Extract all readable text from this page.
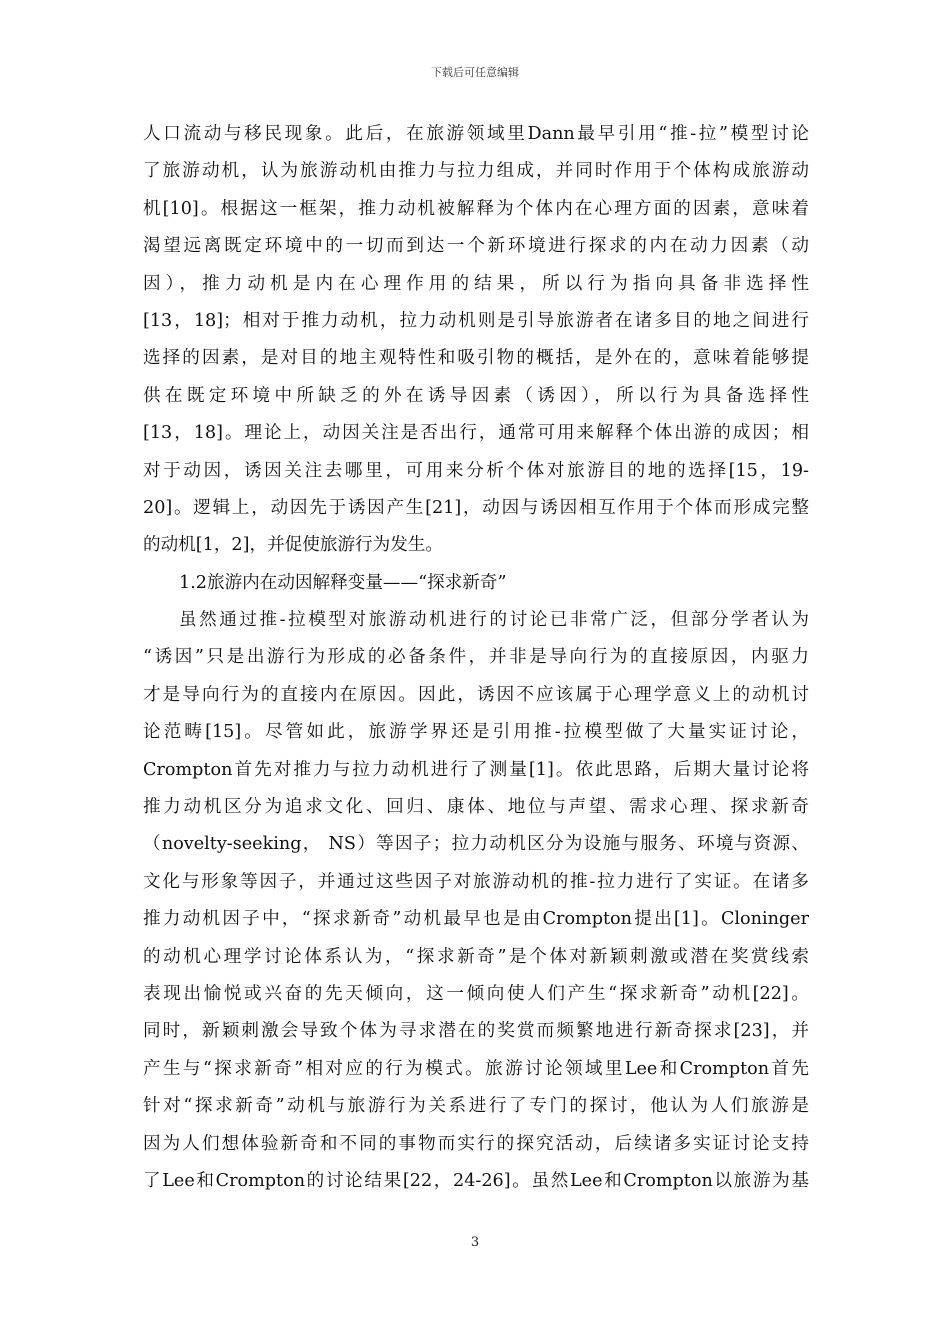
下载后可任意编辑
人口流动与移民现象。此后，在旅游领域里Dann最早引用“推-拉”模型讨论
了旅游动机，认为旅游动机由推力与拉力组成，并同时作用于个体构成旅游动
机[10]。根据这一框架，推力动机被解释为个体内在心理方面的因素，意味着
渴望远离既定环境中的一切而到达一个新环境进行探求的内在动力因素（动
因），推力动机是内在心理作用的结果，所以行为指向具备非选择性
[13，18]；相对于推力动机，拉力动机则是引导旅游者在诸多目的地之间进行
选择的因素，是对目的地主观特性和吸引物的概括，是外在的，意味着能够提
供在既定环境中所缺乏的外在诱导因素（诱因），所以行为具备选择性
[13，18]。理论上，动因关注是否出行，通常可用来解释个体出游的成因；相
对于动因，诱因关注去哪里，可用来分析个体对旅游目的地的选择[15，19-
20]。逻辑上，动因先于诱因产生[21]，动因与诱因相互作用于个体而形成完整
的动机[1，2]，并促使旅游行为发生。
1.2旅游内在动因解释变量——“探求新奇”
虽然通过推-拉模型对旅游动机进行的讨论已非常广泛，但部分学者认为
“诱因”只是出游行为形成的必备条件，并非是导向行为的直接原因，内驱力
才是导向行为的直接内在原因。因此，诱因不应该属于心理学意义上的动机讨
论范畴[15]。尽管如此，旅游学界还是引用推-拉模型做了大量实证讨论，
Crompton首先对推力与拉力动机进行了测量[1]。依此思路，后期大量讨论将
推力动机区分为追求文化、回归、康体、地位与声望、需求心理、探求新奇
（novelty-seeking， NS）等因子；拉力动机区分为设施与服务、环境与资源、
文化与形象等因子，并通过这些因子对旅游动机的推-拉力进行了实证。在诸多
推力动机因子中，“探求新奇”动机最早也是由Crompton提出[1]。Cloninger
的动机心理学讨论体系认为，“探求新奇”是个体对新颖刺激或潜在奖赏线索
表现出愉悦或兴奋的先天倾向，这一倾向使人们产生“探求新奇”动机[22]。
同时，新颖刺激会导致个体为寻求潜在的奖赏而频繁地进行新奇探求[23]，并
产生与“探求新奇”相对应的行为模式。旅游讨论领域里Lee和Crompton首先
针对“探求新奇”动机与旅游行为关系进行了专门的探讨，他认为人们旅游是
因为人们想体验新奇和不同的事物而实行的探究活动，后续诸多实证讨论支持
了Lee和Crompton的讨论结果[22，24-26]。虽然Lee和Crompton以旅游为基
3
